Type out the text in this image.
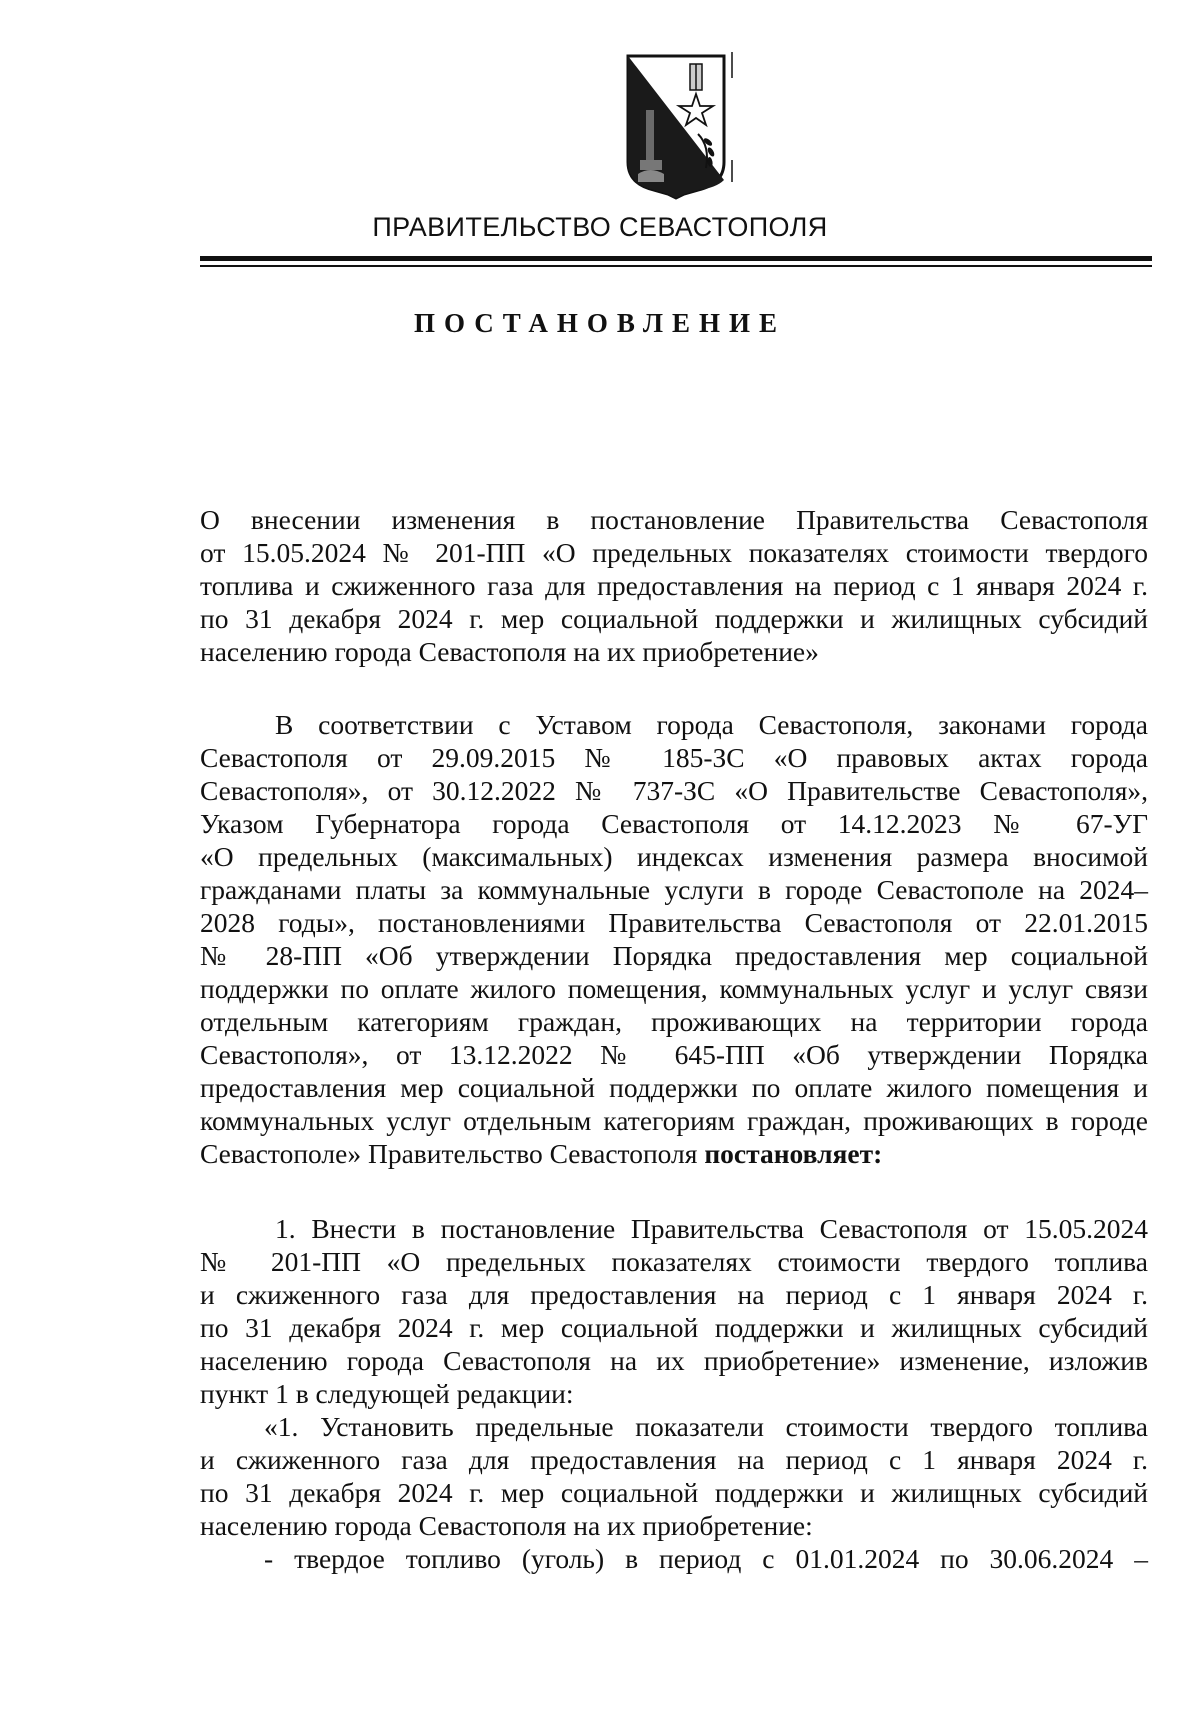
ПРАВИТЕЛЬСТВО СЕВАСТОПОЛЯ
ПОСТАНОВЛЕНИЕ
О внесении изменения в постановление Правительства Севастополя
от 15.05.2024 № 201-ПП «О предельных показателях стоимости твердого
топлива и сжиженного газа для предоставления на период с 1 января 2024 г.
по 31 декабря 2024 г. мер социальной поддержки и жилищных субсидий
населению города Севастополя на их приобретение»
В соответствии с Уставом города Севастополя, законами города
Севастополя от 29.09.2015 № 185-ЗС «О правовых актах города
Севастополя», от 30.12.2022 № 737-ЗС «О Правительстве Севастополя»,
Указом Губернатора города Севастополя от 14.12.2023 № 67-УГ
«О предельных (максимальных) индексах изменения размера вносимой
гражданами платы за коммунальные услуги в городе Севастополе на 2024–
2028 годы», постановлениями Правительства Севастополя от 22.01.2015
№ 28-ПП «Об утверждении Порядка предоставления мер социальной
поддержки по оплате жилого помещения, коммунальных услуг и услуг связи
отдельным категориям граждан, проживающих на территории города
Севастополя», от 13.12.2022 № 645-ПП «Об утверждении Порядка
предоставления мер социальной поддержки по оплате жилого помещения и
коммунальных услуг отдельным категориям граждан, проживающих в городе
Севастополе» Правительство Севастополя постановляет:
1. Внести в постановление Правительства Севастополя от 15.05.2024
№ 201-ПП «О предельных показателях стоимости твердого топлива
и сжиженного газа для предоставления на период с 1 января 2024 г.
по 31 декабря 2024 г. мер социальной поддержки и жилищных субсидий
населению города Севастополя на их приобретение» изменение, изложив
пункт 1 в следующей редакции:
«1. Установить предельные показатели стоимости твердого топлива
и сжиженного газа для предоставления на период с 1 января 2024 г.
по 31 декабря 2024 г. мер социальной поддержки и жилищных субсидий
населению города Севастополя на их приобретение:
- твердое топливо (уголь) в период с 01.01.2024 по 30.06.2024 –
